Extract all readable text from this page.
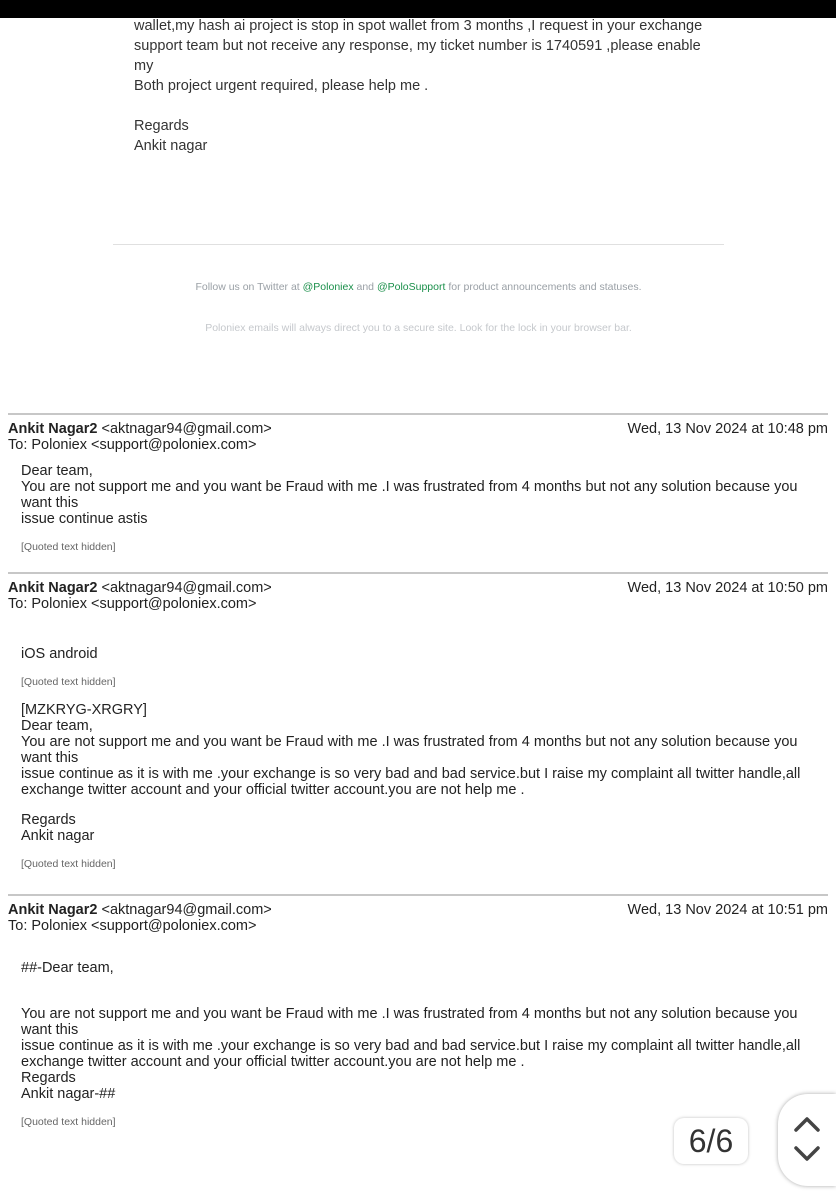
wallet,my hash ai project is stop in spot wallet from 3 months ,I request in your exchange

support team but not receive any response, my ticket number is 1740591 ,please enable my

Both project urgent required, please help me .

Regards

Ankit nagar

Follow us on Twitter at @Poloniex and @PoloSupport for product announcements and statuses.
Poloniex emails will always direct you to a secure site. Look for the lock in your browser bar.
Ankit Nagar2 <aktnagar94@gmail.com>
To: Poloniex <support@poloniex.com>
Wed, 13 Nov 2024 at 10:48 pm

Dear team,

You are not support me and you want be Fraud with me .I was frustrated from 4 months but not any solution because you want this

issue continue astis

[Quoted text hidden]

Ankit Nagar2 <aktnagar94@gmail.com>
To: Poloniex <support@poloniex.com>
Wed, 13 Nov 2024 at 10:50 pm

iOS android

[Quoted text hidden]

[MZKRYG-XRGRY]

Dear team,

You are not support me and you want be Fraud with me .I was frustrated from 4 months but not any solution because you want this

issue continue as it is with me .your exchange is so very bad and bad service.but I raise my complaint all twitter handle,all

exchange twitter account and your official twitter account.you are not help me .

Regards

Ankit nagar

[Quoted text hidden]

Ankit Nagar2 <aktnagar94@gmail.com>
To: Poloniex <support@poloniex.com>
Wed, 13 Nov 2024 at 10:51 pm

##-Dear team,

You are not support me and you want be Fraud with me .I was frustrated from 4 months but not any solution because you want this

issue continue as it is with me .your exchange is so very bad and bad service.but I raise my complaint all twitter handle,all

exchange twitter account and your official twitter account.you are not help me .

Regards

Ankit nagar-##

[Quoted text hidden]

6/6
